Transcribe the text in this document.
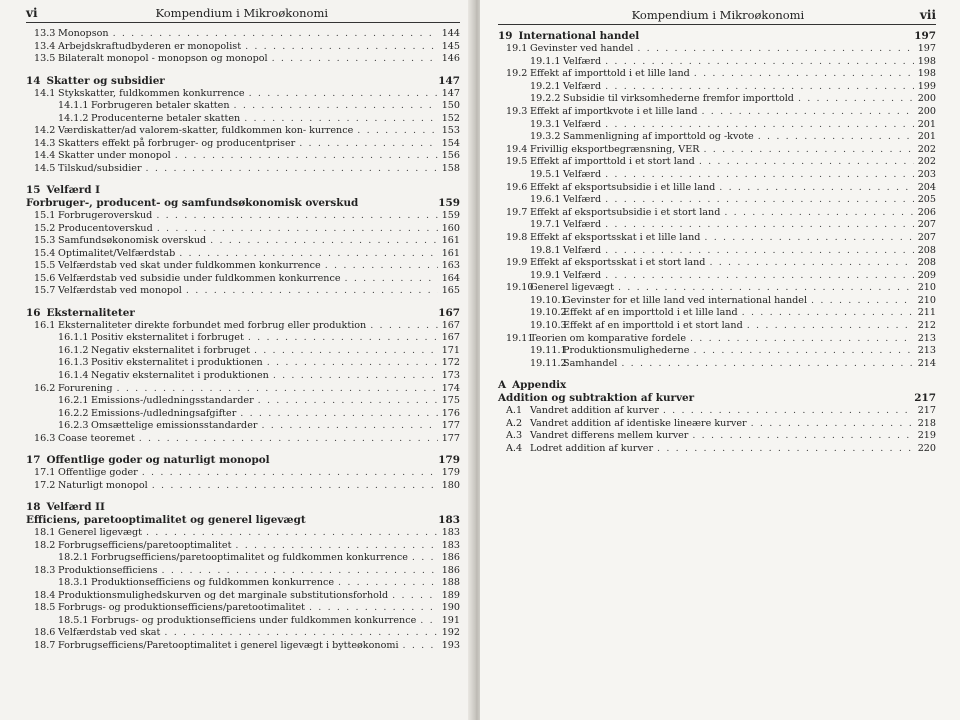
vi	Kompendium i Mikroøkonomi
13.3 Monopson . . .	144
13.4 Arbejdskraftudbyderen er monopolist . . .	145
13.5 Bilateralt monopol - monopson og monopol . . .	146
14 Skatter og subsidier	147
14.1 Stykskatter, fuldkommen konkurrence . . .	147
14.1.1 Forbrugeren betaler skatten . . .	150
14.1.2 Producenterne betaler skatten . . .	152
14.2 Værdiskatter/ad valorem-skatter, fuldkommen kon- kurrence . . .	153
14.3 Skatters effekt på forbruger- og producentpriser . . .	154
14.4 Skatter under monopol . . .	156
14.5 Tilskud/subsidier . . .	158
15 Velfærd I
Forbruger-, producent- og samfundsøkonomisk overskud	159
15.1 Forbrugeroverskud . . .	159
15.2 Producentoverskud . . .	160
15.3 Samfundsøkonomisk overskud . . .	161
15.4 Optimalitet/Velfærdstab . . .	161
15.5 Velfærdstab ved skat under fuldkommen konkurrence . . .	163
15.6 Velfærdstab ved subsidie under fuldkommen konkurrence . . .	164
15.7 Velfærdstab ved monopol . . .	165
16 Eksternaliteter	167
16.1 Eksternaliteter direkte forbundet med forbrug eller produktion . . .	167
16.1.1 Positiv eksternalitet i forbruget . . .	167
16.1.2 Negativ eksternalitet i forbruget . . .	171
16.1.3 Positiv eksternalitet i produktionen . . .	172
16.1.4 Negativ eksternalitet i produktionen . . .	173
16.2 Forurening . . .	174
16.2.1 Emissions-/udledningsstandarder . . .	175
16.2.2 Emissions-/udledningsafgifter . . .	176
16.2.3 Omsættelige emissionsstandarder . . .	177
16.3 Coase teoremet . . .	177
17 Offentlige goder og naturligt monopol	179
17.1 Offentlige goder . . .	179
17.2 Naturligt monopol . . .	180
18 Velfærd II
Efficiens, paretooptimalitet og generel ligevægt	183
18.1 Generel ligevægt . . .	183
18.2 Forbrugsefficiens/paretooptimalitet . . .	183
18.2.1 Forbrugsefficiens/paretooptimalitet og fuldkommen konkurrence . . .	186
18.3 Produktionsefficiens . . .	186
18.3.1 Produktionsefficiens og fuldkommen konkurrence . . .	188
18.4 Produktionsmulighedskurven og det marginale substitutionsforhold . . .	189
18.5 Forbrugs- og produktionsefficiens/paretootimalitet . . .	190
18.5.1 Forbrugs- og produktionsefficiens under fuldkommen konkurrence . . .	191
18.6 Velfærdstab ved skat . . .	192
18.7 Forbrugsefficiens/Paretooptimalitet i generel ligevægt i bytteøkonomi . . .	193
Kompendium i Mikroøkonomi	vii
19 International handel	197
19.1 Gevinster ved handel . . .	197
19.1.1 Velfærd . . .	198
19.2 Effekt af importtold i et lille land . . .	198
19.2.1 Velfærd . . .	199
19.2.2 Subsidie til virksomhederne fremfor importtold . . .	200
19.3 Effekt af importkvote i et lille land . . .	200
19.3.1 Velfærd . . .	201
19.3.2 Sammenligning af importtold og -kvote . . .	201
19.4 Frivillig eksportbegrænsning, VER . . .	202
19.5 Effekt af importtold i et stort land . . .	202
19.5.1 Velfærd . . .	203
19.6 Effekt af eksportsubsidie i et lille land . . .	204
19.6.1 Velfærd . . .	205
19.7 Effekt af eksportsubsidie i et stort land . . .	206
19.7.1 Velfærd . . .	207
19.8 Effekt af eksportsskat i et lille land . . .	207
19.8.1 Velfærd . . .	208
19.9 Effekt af eksportsskat i et stort land . . .	208
19.9.1 Velfærd . . .	209
19.10
Generel ligevægt . . .	210
19.10.1
Gevinster for et lille land ved international handel . . .	210
19.10.2
Effekt af en importtold i et lille land . . .	211
19.10.3
Effekt af en importtold i et stort land . . .	212
19.11
Teorien om komparative fordele . . .	213
19.11.1
Produktionsmulighederne . . .	213
19.11.2
Samhandel . . .	214
A Appendix
Addition og subtraktion af kurver	217
A.1 Vandret addition af kurver . . .	217
A.2 Vandret addition af identiske lineære kurver . . .	218
A.3 Vandret differens mellem kurver . . .	219
A.4 Lodret addition af kurver . . .	220
